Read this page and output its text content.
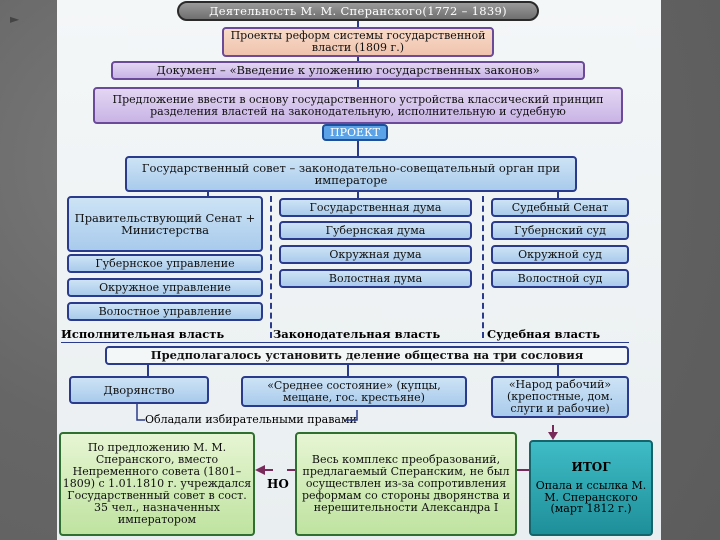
►
Деятельность М. М. Сперанского(1772 – 1839)
Проекты реформ системы государственной власти (1809 г.)
Документ – «Введение к уложению государственных законов»
Предложение ввести в основу государственного устройства классический принцип разделения властей на законодательную, исполнительную и судебную
ПРОЕКТ
Государственный совет – законодательно-совещательный орган при императоре
Правительствующий Сенат + Министерства
Губернское управление
Окружное управление
Волостное управление
Государственная дума
Губернская дума
Окружная дума
Волостная дума
Судебный Сенат
Губернский суд
Окружной суд
Волостной суд
Исполнительная власть	Законодательная власть	Судебная власть
Предполагалось установить деление общества на три сословия
Дворянство	«Среднее состояние» (купцы, мещане, гос. крестьяне)
«Народ рабочий» (крепостные, дом. слуги и рабочие)
Обладали избирательными правами
По предложению М. М. Сперанского, вместо Непременного совета (1801–1809) с 1.01.1810 г. учреждался Государственный совет в сост. 35 чел., назначенных императором
НО
Весь комплекс преобразований, предлагаемый Сперанским, не был осуществлен из-за сопротивления реформам со стороны дворянства и нерешительности Александра I
ИТОГ
Опала и ссылка М. М. Сперанского (март 1812 г.)
